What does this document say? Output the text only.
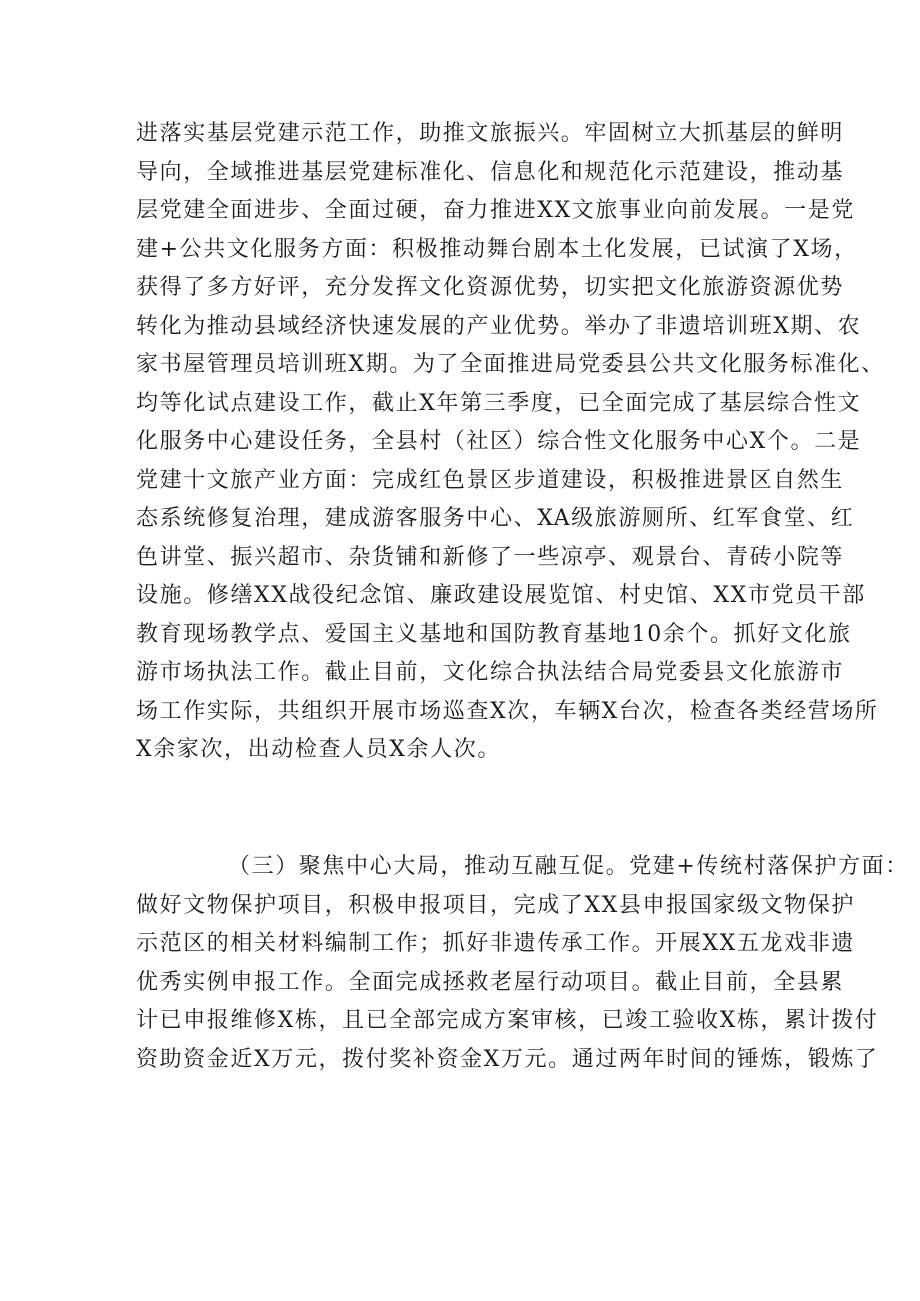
进落实基层党建示范工作，助推文旅振兴。牢固树立大抓基层的鲜明
导向，全域推进基层党建标准化、信息化和规范化示范建设，推动基
层党建全面进步、全面过硬，奋力推进XX文旅事业向前发展。一是党
建+公共文化服务方面：积极推动舞台剧本土化发展，已试演了X场，
获得了多方好评，充分发挥文化资源优势，切实把文化旅游资源优势
转化为推动县域经济快速发展的产业优势。举办了非遗培训班X期、农
家书屋管理员培训班X期。为了全面推进局党委县公共文化服务标准化、
均等化试点建设工作，截止X年第三季度，已全面完成了基层综合性文
化服务中心建设任务，全县村（社区）综合性文化服务中心X个。二是
党建十文旅产业方面：完成红色景区步道建设，积极推进景区自然生
态系统修复治理，建成游客服务中心、XA级旅游厕所、红军食堂、红
色讲堂、振兴超市、杂货铺和新修了一些凉亭、观景台、青砖小院等
设施。修缮XX战役纪念馆、廉政建设展览馆、村史馆、XX市党员干部
教育现场教学点、爱国主义基地和国防教育基地10余个。抓好文化旅
游市场执法工作。截止目前，文化综合执法结合局党委县文化旅游市
场工作实际，共组织开展市场巡查X次，车辆X台次，检查各类经营场所
X余家次，出动检查人员X余人次。
（三）聚焦中心大局，推动互融互促。党建+传统村落保护方面：
做好文物保护项目，积极申报项目，完成了XX县申报国家级文物保护
示范区的相关材料编制工作；抓好非遗传承工作。开展XX五龙戏非遗
优秀实例申报工作。全面完成拯救老屋行动项目。截止目前，全县累
计已申报维修X栋，且已全部完成方案审核，已竣工验收X栋，累计拨付
资助资金近X万元，拨付奖补资金X万元。通过两年时间的锤炼，锻炼了
